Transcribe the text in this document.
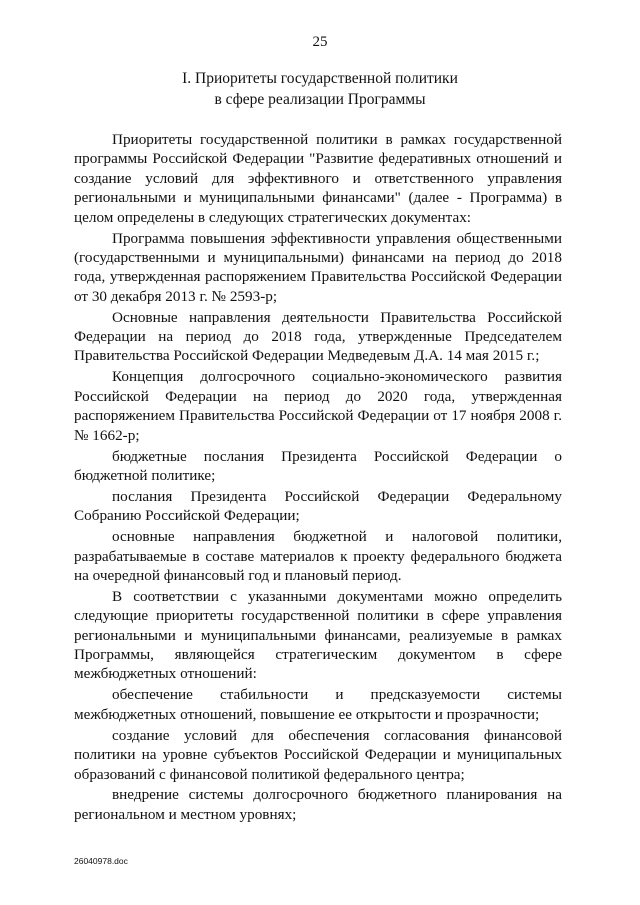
25
I. Приоритеты государственной политики
в сфере реализации Программы

Приоритеты государственной политики в рамках государственной программы Российской Федерации "Развитие федеративных отношений и создание условий для эффективного и ответственного управления региональными и муниципальными финансами" (далее - Программа) в целом определены в следующих стратегических документах:

Программа повышения эффективности управления общественными (государственными и муниципальными) финансами на период до 2018 года, утвержденная распоряжением Правительства Российской Федерации от 30 декабря 2013 г. № 2593-р;

Основные направления деятельности Правительства Российской Федерации на период до 2018 года, утвержденные Председателем Правительства Российской Федерации Медведевым Д.А. 14 мая 2015 г.;

Концепция долгосрочного социально-экономического развития Российской Федерации на период до 2020 года, утвержденная распоряжением Правительства Российской Федерации от 17 ноября 2008 г. № 1662-р;

бюджетные послания Президента Российской Федерации о бюджетной политике;

послания Президента Российской Федерации Федеральному Собранию Российской Федерации;

основные направления бюджетной и налоговой политики, разрабатываемые в составе материалов к проекту федерального бюджета на очередной финансовый год и плановый период.

В соответствии с указанными документами можно определить следующие приоритеты государственной политики в сфере управления региональными и муниципальными финансами, реализуемые в рамках Программы, являющейся стратегическим документом в сфере межбюджетных отношений:

обеспечение стабильности и предсказуемости системы межбюджетных отношений, повышение ее открытости и прозрачности;

создание условий для обеспечения согласования финансовой политики на уровне субъектов Российской Федерации и муниципальных образований с финансовой политикой федерального центра;

внедрение системы долгосрочного бюджетного планирования на региональном и местном уровнях;

26040978.doc
